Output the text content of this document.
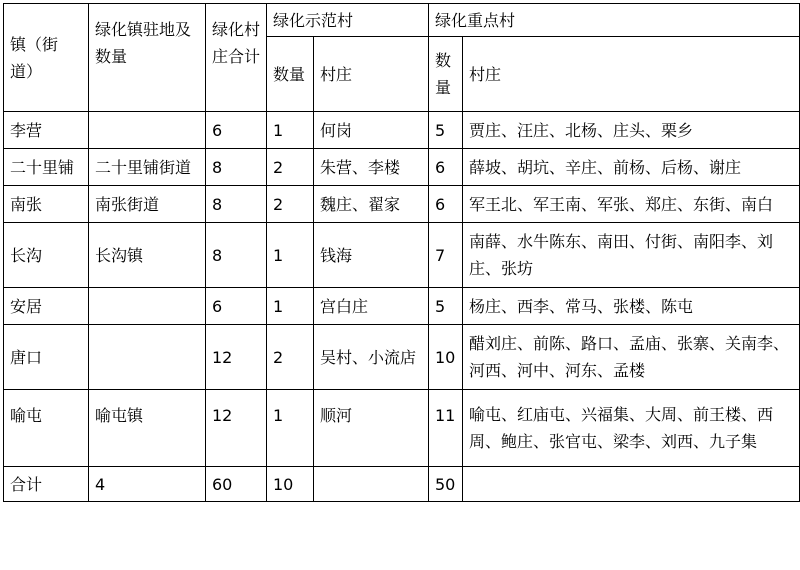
镇（街道）	绿化镇驻地及数量	绿化村庄合计	绿化示范村		绿化重点村	
			数量	村庄	数量	村庄
李营		6	1	何岗	5	贾庄、汪庄、北杨、庄头、栗乡
二十里铺	二十里铺街道	8	2	朱营、李楼	6	薛坡、胡坑、辛庄、前杨、后杨、谢庄
南张	南张街道	8	2	魏庄、翟家	6	军王北、军王南、军张、郑庄、东街、南白
长沟	长沟镇	8	1	钱海	7	南薛、水牛陈东、南田、付街、南阳李、刘庄、张坊
安居		6	1	宫白庄	5	杨庄、西李、常马、张楼、陈屯
唐口		12	2	吴村、小流店	10	醋刘庄、前陈、路口、孟庙、张寨、关南李、河西、河中、河东、孟楼
喻屯	喻屯镇	12	1	顺河	11	喻屯、红庙屯、兴福集、大周、前王楼、西周、鲍庄、张官屯、梁李、刘西、九子集
合计	4	60	10		50	
